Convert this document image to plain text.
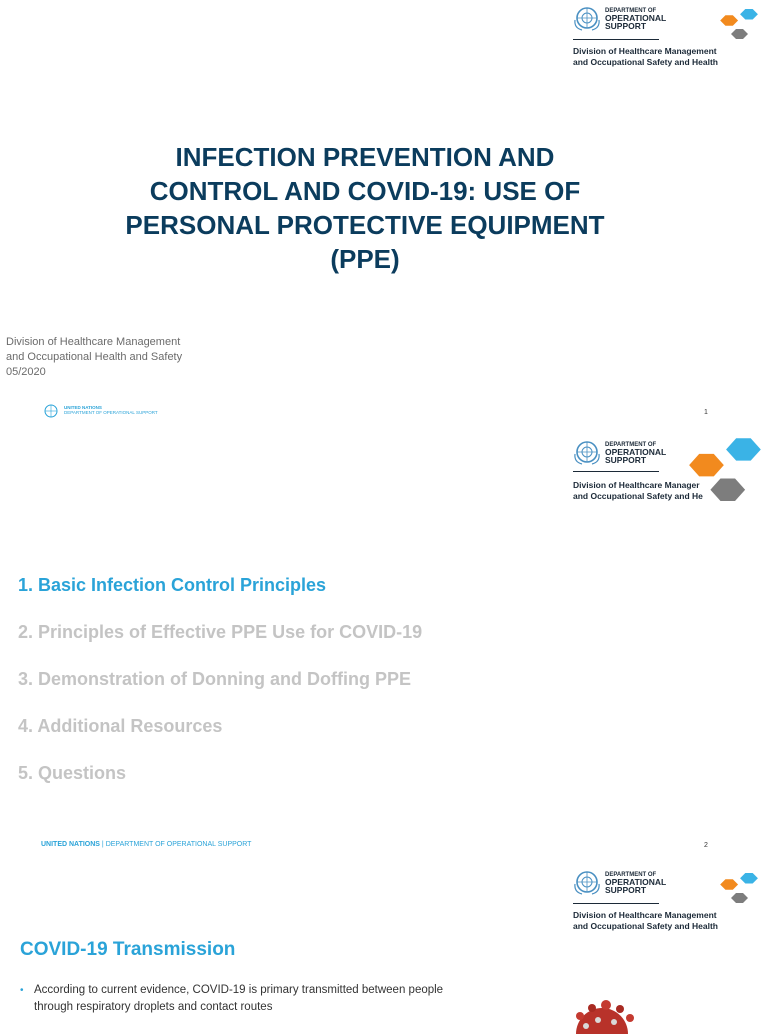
DEPARTMENT OF
OPERATIONAL
SUPPORT
Division of Healthcare Management
and Occupational Safety and Health
INFECTION PREVENTION AND CONTROL AND COVID-19: USE OF PERSONAL PROTECTIVE EQUIPMENT (PPE)
Division of Healthcare Management
and Occupational Health and Safety
05/2020
UNITED NATIONS
DEPARTMENT OF OPERATIONAL SUPPORT	1
DEPARTMENT OF
OPERATIONAL
SUPPORT
Division of Healthcare Manager
and Occupational Safety and He
1. Basic Infection Control Principles
2. Principles of Effective PPE Use for COVID-19
3. Demonstration of Donning and Doffing PPE
4. Additional Resources
5. Questions
UNITED NATIONS | DEPARTMENT OF OPERATIONAL SUPPORT	2
DEPARTMENT OF
OPERATIONAL
SUPPORT
Division of Healthcare Management
and Occupational Safety and Health
COVID-19 Transmission
• According to current evidence, COVID-19 is primary transmitted between people through respiratory droplets and contact routes
